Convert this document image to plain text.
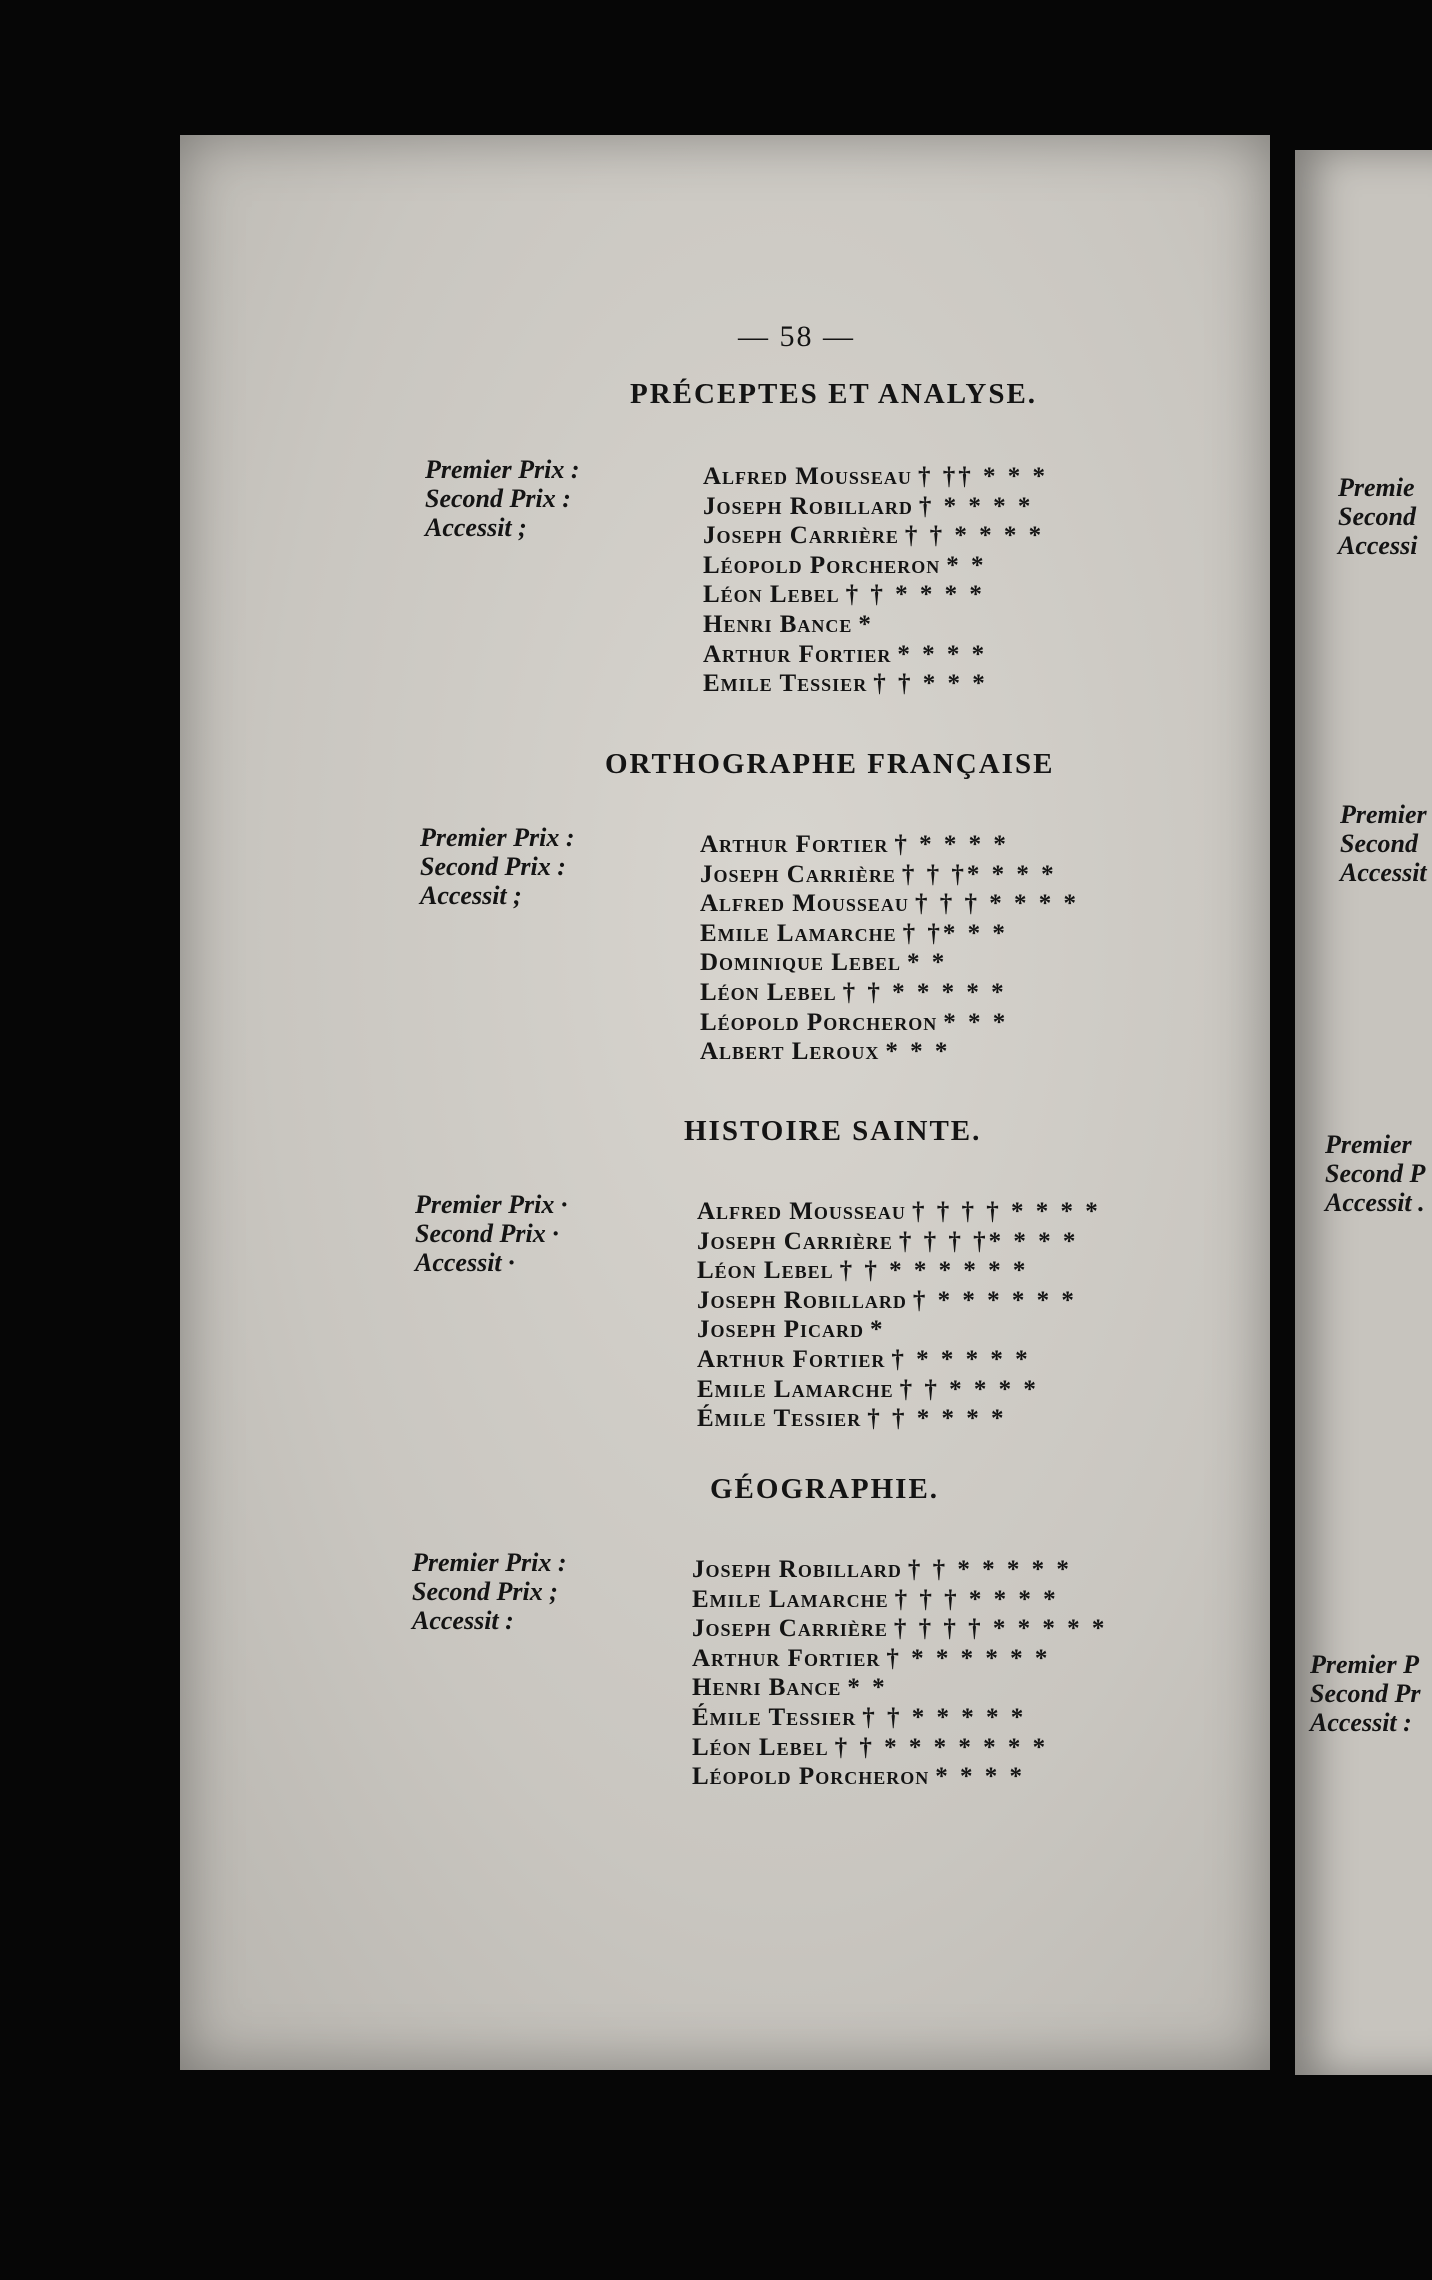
— 58 —
PRÉCEPTES ET ANALYSE.
Premier Prix :
Second Prix :
Accessit ;
Alfred Mousseau † †† * * *
Joseph Robillard † * * * *
Joseph Carrière † † * * * *
Léopold Porcheron * *
Léon Lebel † † * * * *
Henri Bance *
Arthur Fortier * * * *
Emile Tessier † † * * *
ORTHOGRAPHE FRANÇAISE
Premier Prix :
Second Prix :
Accessit ;
Arthur Fortier † * * * *
Joseph Carrière † † †* * * *
Alfred Mousseau † † † * * * *
Emile Lamarche † †* * *
Dominique Lebel * *
Léon Lebel † † * * * * *
Léopold Porcheron * * *
Albert Leroux * * *
HISTOIRE SAINTE.
Premier Prix ·
Second Prix ·
Accessit ·
Alfred Mousseau † † † † * * * *
Joseph Carrière † † † †* * * *
Léon Lebel † † * * * * * *
Joseph Robillard † * * * * * *
Joseph Picard *
Arthur Fortier † * * * * *
Emile Lamarche † † * * * *
Émile Tessier † † * * * *
GÉOGRAPHIE.
Premier Prix :
Second Prix ;
Accessit :
Joseph Robillard † † * * * * *
Emile Lamarche † † † * * * *
Joseph Carrière † † † † * * * * *
Arthur Fortier † * * * * * *
Henri Bance * *
Émile Tessier † † * * * * *
Léon Lebel † † * * * * * * *
Léopold Porcheron * * * *
Premie
Second
Accessi
Premier
Second
Accessit
Premier
Second P
Accessit .
Premier P
Second Pr
Accessit :
